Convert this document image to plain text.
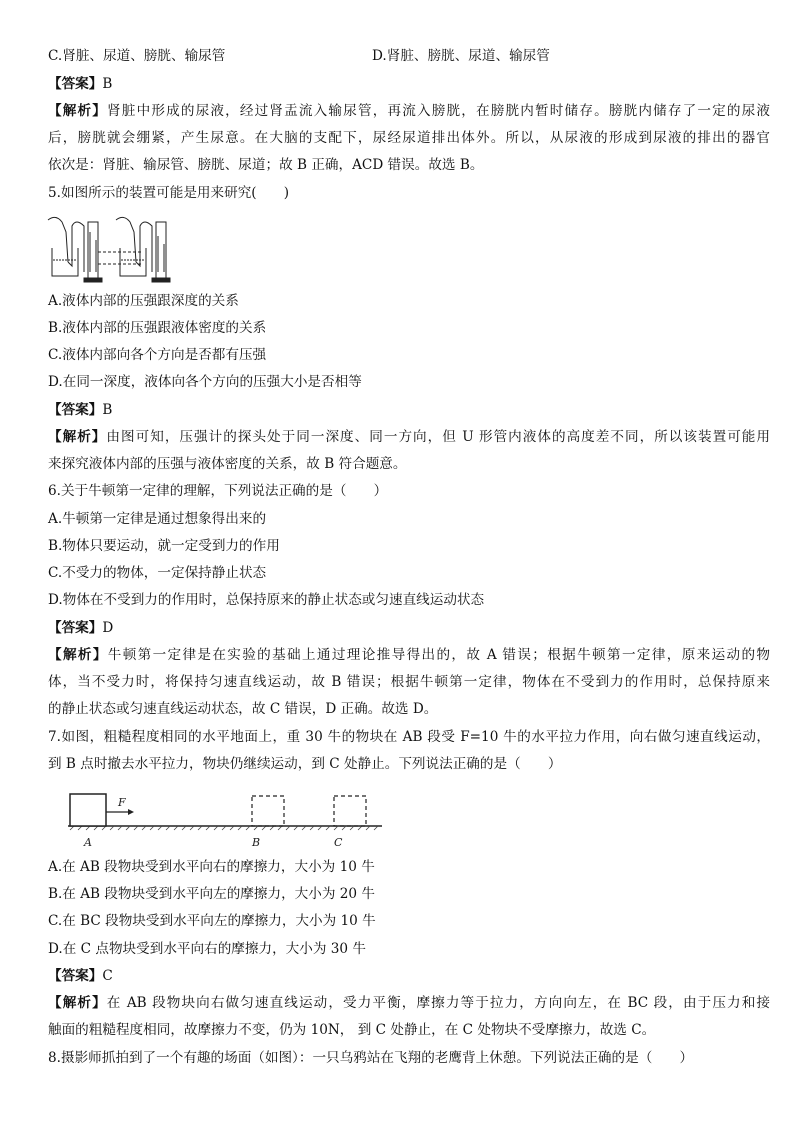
C.肾脏、尿道、膀胱、输尿管	D.肾脏、膀胱、尿道、输尿管
【答案】B
【解析】肾脏中形成的尿液，经过肾盂流入输尿管，再流入膀胱，在膀胱内暂时储存。膀胱内储存了一定的尿液
后，膀胱就会绷紧，产生尿意。在大脑的支配下，尿经尿道排出体外。所以，从尿液的形成到尿液的排出的器官
依次是：肾脏、输尿管、膀胱、尿道；故 B 正确，ACD 错误。故选 B。
5.如图所示的装置可能是用来研究(　　)
A.液体内部的压强跟深度的关系
B.液体内部的压强跟液体密度的关系
C.液体内部向各个方向是否都有压强
D.在同一深度，液体向各个方向的压强大小是否相等
【答案】B
【解析】由图可知，压强计的探头处于同一深度、同一方向，但 U 形管内液体的高度差不同，所以该装置可能用
来探究液体内部的压强与液体密度的关系，故 B 符合题意。
6.关于牛顿第一定律的理解，下列说法正确的是（　　）
A.牛顿第一定律是通过想象得出来的
B.物体只要运动，就一定受到力的作用
C.不受力的物体，一定保持静止状态
D.物体在不受到力的作用时，总保持原来的静止状态或匀速直线运动状态
【答案】D
【解析】牛顿第一定律是在实验的基础上通过理论推导得出的，故 A 错误；根据牛顿第一定律，原来运动的物
体，当不受力时，将保持匀速直线运动，故 B 错误；根据牛顿第一定律，物体在不受到力的作用时，总保持原来
的静止状态或匀速直线运动状态，故 C 错误，D 正确。故选 D。
7.如图，粗糙程度相同的水平地面上，重 30 牛的物块在 AB 段受 F=10 牛的水平拉力作用，向右做匀速直线运动，
到 B 点时撤去水平拉力，物块仍继续运动，到 C 处静止。下列说法正确的是（　　）
F
A	B	C
A.在 AB 段物块受到水平向右的摩擦力，大小为 10 牛
B.在 AB 段物块受到水平向左的摩擦力，大小为 20 牛
C.在 BC 段物块受到水平向左的摩擦力，大小为 10 牛
D.在 C 点物块受到水平向右的摩擦力，大小为 30 牛
【答案】C
【解析】在 AB 段物块向右做匀速直线运动，受力平衡，摩擦力等于拉力，方向向左，在 BC 段，由于压力和接
触面的粗糙程度相同，故摩擦力不变，仍为 10N， 到 C 处静止，在 C 处物块不受摩擦力，故选 C。
8.摄影师抓拍到了一个有趣的场面（如图）：一只乌鸦站在飞翔的老鹰背上休憩。下列说法正确的是（　　）
